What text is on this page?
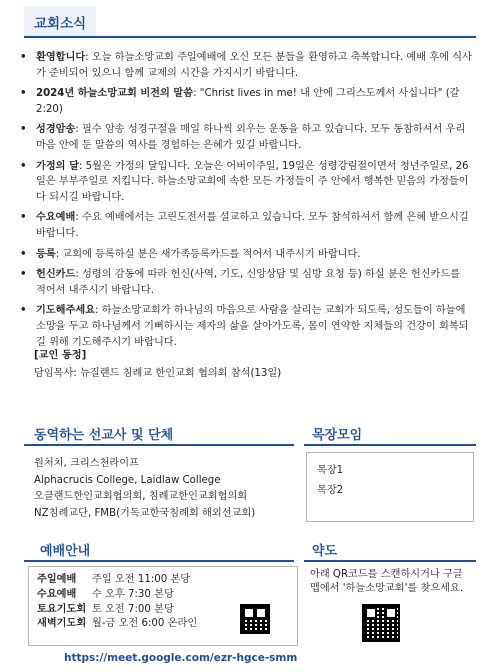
교회소식
• 환영합니다: 오늘 하늘소망교회 주일예배에 오신 모든 분들을 환영하고 축복합니다. 예배 후에 식사가 준비되어 있으니 함께 교제의 시간을 가지시기 바랍니다.
• 2024년 하늘소망교회 비전의 말씀: "Christ lives in me! 내 안에 그리스도께서 사십니다" (갈 2:20)
• 성경암송: 필수 암송 성경구절을 매일 하나씩 외우는 운동을 하고 있습니다. 모두 동참하셔서 우리 마음 안에 둔 말씀의 역사를 경험하는 은혜가 있길 바랍니다.
• 가정의 달: 5월은 가정의 달입니다. 오늘은 어버이주일, 19일은 성령강림절이면서 청년주일로, 26일은 부부주일로 지킵니다. 하늘소망교회에 속한 모든 가정들이 주 안에서 행복한 믿음의 가정들이 다 되시길 바랍니다.
• 수요예배: 수요 예배에서는 고린도전서를 설교하고 있습니다. 모두 참석하셔서 함께 은혜 받으시길 바랍니다.
• 등록: 교회에 등록하실 분은 새가족등록카드를 적어서 내주시기 바랍니다.
• 헌신카드: 성령의 감동에 따라 헌신(사역, 기도, 신앙상담 및 심방 요청 등) 하실 분은 헌신카드를 적어서 내주시기 바랍니다.
• 기도해주세요: 하늘소망교회가 하나님의 마음으로 사람을 살리는 교회가 되도록, 성도들이 하늘에 소망을 두고 하나님께서 기뻐하시는 제자의 삶을 살아가도록, 몸이 연약한 지체들의 건강이 회복되길 위해 기도해주시기 바랍니다.
[교인 동정]
담임목사: 뉴질랜드 침례교 한인교회 협의회 참석(13일)
동역하는 선교사 및 단체
원처치, 크리스천라이프
Alphacrucis College, Laidlaw College
오클랜드한인교회협의회, 침례교한인교회협의회
NZ침례교단, FMB(기독교한국침례회 해외선교회)
목장모임
목장1
목장2
예배안내
주일예배	주일 오전 11:00 본당
수요예배	수 오후 7:30 본당
토요기도회 토 오전 7:00 본당
새벽기도회 월-금 오전 6:00 온라인
https://meet.google.com/ezr-hgce-smm
약도
아래 QR코드를 스캔하시거나 구글맵에서 '하늘소망교회'를 찾으세요.
